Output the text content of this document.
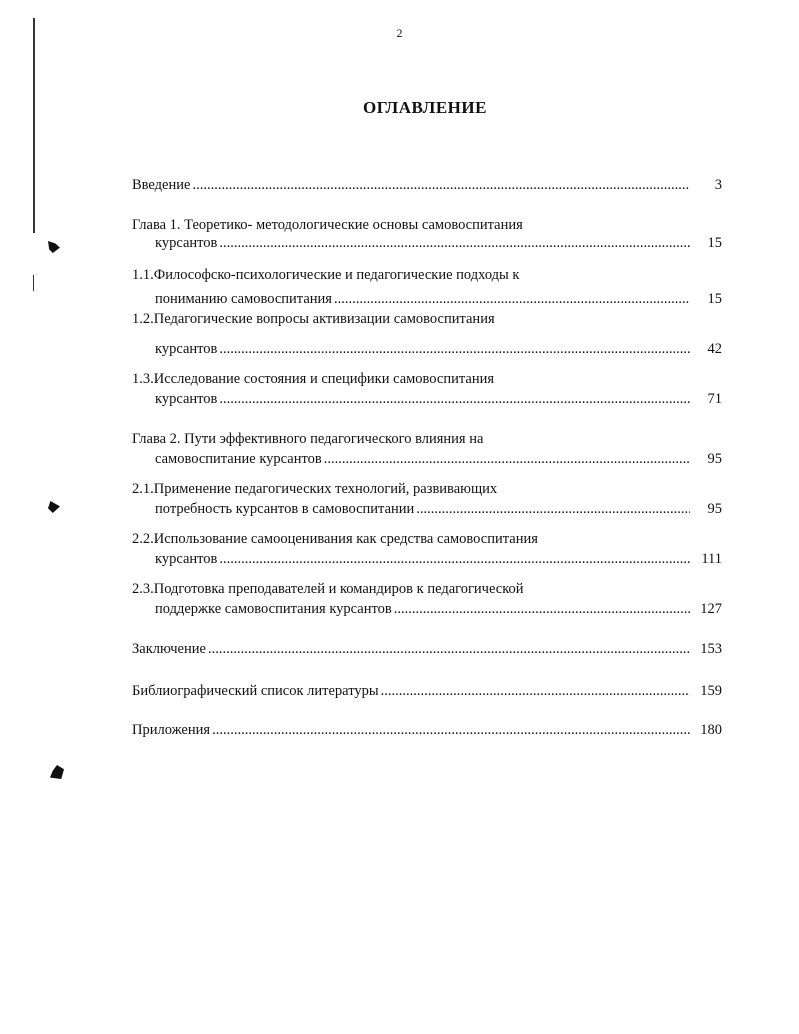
2
ОГЛАВЛЕНИЕ
Введение .....	3
Глава 1. Теоретико- методологические основы самовоспитания
курсантов .....	15
1.1.Философско-психологические и педагогические подходы к
пониманию самовоспитания .....	15
1.2.Педагогические вопросы активизации самовоспитания
курсантов .....	42
1.3.Исследование состояния и специфики самовоспитания
курсантов .....	71
Глава 2. Пути эффективного педагогического влияния на
самовоспитание курсантов .....	95
2.1.Применение педагогических технологий, развивающих
потребность курсантов в самовоспитании .....	95
2.2.Использование самооценивания как средства самовоспитания
курсантов .....	111
2.3.Подготовка преподавателей и командиров к педагогической
поддержке самовоспитания курсантов .....	127
Заключение .....	153
Библиографический список литературы .....	159
Приложения .....	180
